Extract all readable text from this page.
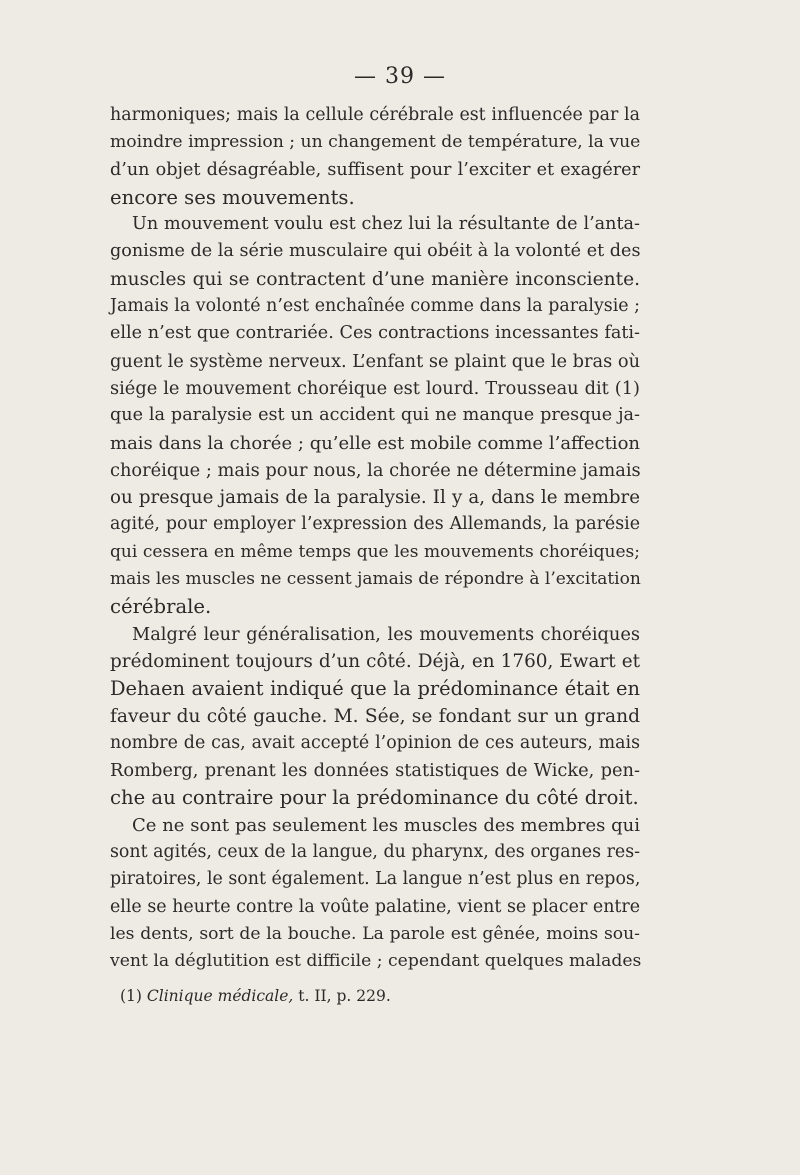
— 39 —
harmoniques; mais la cellule cérébrale est influencée par la
moindre impression ; un changement de température, la vue
d’un objet désagréable, suffisent pour l’exciter et exagérer
encore ses mouvements.
Un mouvement voulu est chez lui la résultante de l’anta-
gonisme de la série musculaire qui obéit à la volonté et des
muscles qui se contractent d’une manière inconsciente.
Jamais la volonté n’est enchaînée comme dans la paralysie ;
elle n’est que contrariée. Ces contractions incessantes fati-
guent le système nerveux. L’enfant se plaint que le bras où
siége le mouvement choréique est lourd. Trousseau dit (1)
que la paralysie est un accident qui ne manque presque ja-
mais dans la chorée ; qu’elle est mobile comme l’affection
choréique ; mais pour nous, la chorée ne détermine jamais
ou presque jamais de la paralysie. Il y a, dans le membre
agité, pour employer l’expression des Allemands, la parésie
qui cessera en même temps que les mouvements choréiques;
mais les muscles ne cessent jamais de répondre à l’excitation
cérébrale.
Malgré leur généralisation, les mouvements choréiques
prédominent toujours d’un côté. Déjà, en 1760, Ewart et
Dehaen avaient indiqué que la prédominance était en
faveur du côté gauche. M. Sée, se fondant sur un grand
nombre de cas, avait accepté l’opinion de ces auteurs, mais
Romberg, prenant les données statistiques de Wicke, pen-
che au contraire pour la prédominance du côté droit.
Ce ne sont pas seulement les muscles des membres qui
sont agités, ceux de la langue, du pharynx, des organes res-
piratoires, le sont également. La langue n’est plus en repos,
elle se heurte contre la voûte palatine, vient se placer entre
les dents, sort de la bouche. La parole est gênée, moins sou-
vent la déglutition est difficile ; cependant quelques malades
(1) Clinique médicale, t. II, p. 229.
